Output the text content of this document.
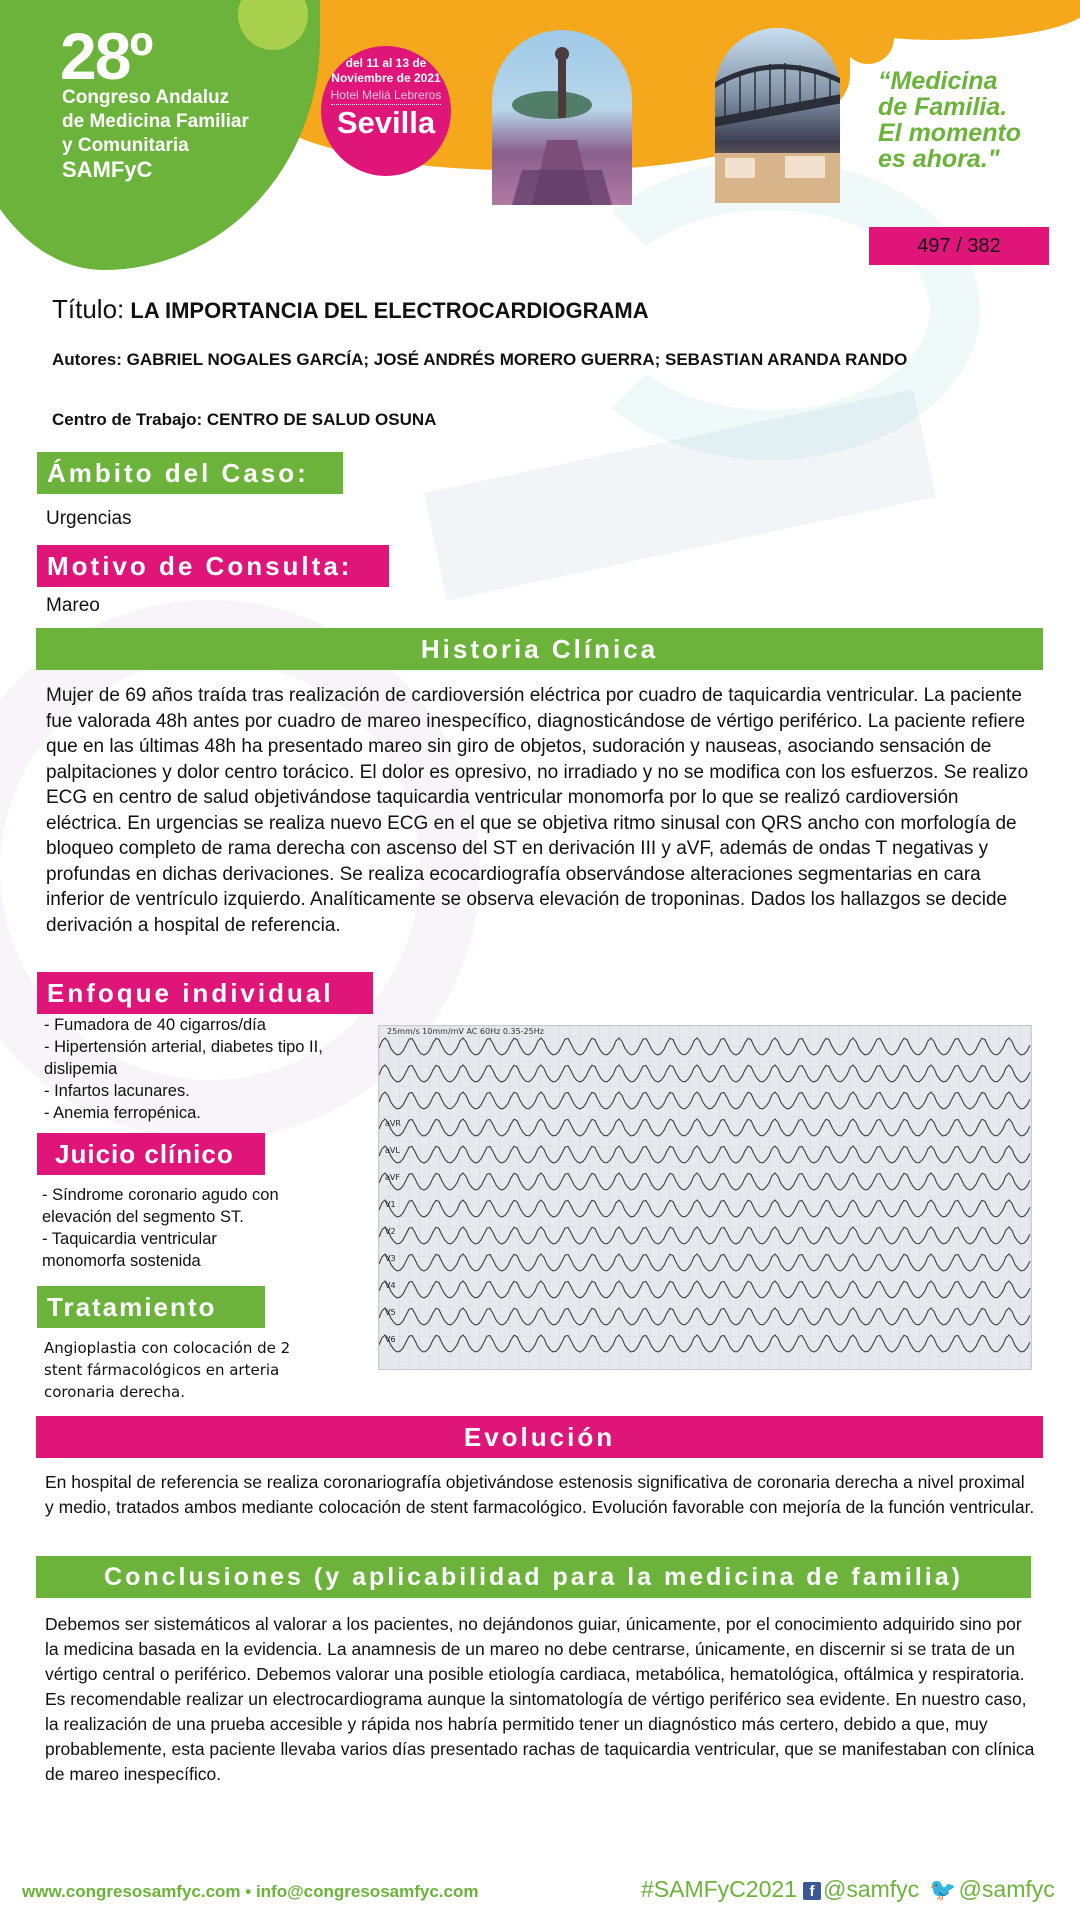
28º
Congreso Andaluz
de Medicina Familiar
y Comunitaria
SAMFyC
del 11 al 13 de
Noviembre de 2021
Hotel Meliá Lebreros
Sevilla
“Medicina
de Familia.
El momento
es ahora."
497 / 382
Título: LA IMPORTANCIA DEL ELECTROCARDIOGRAMA
Autores: GABRIEL NOGALES GARCÍA; JOSÉ ANDRÉS MORERO GUERRA; SEBASTIAN ARANDA RANDO
Centro de Trabajo: CENTRO DE SALUD OSUNA
Ámbito del Caso:
Urgencias
Motivo de Consulta:
Mareo
Historia Clínica
Mujer de 69 años traída tras realización de cardioversión eléctrica por cuadro de taquicardia ventricular. La paciente fue valorada 48h antes por cuadro de mareo inespecífico, diagnosticándose de vértigo periférico. La paciente refiere que en las últimas 48h ha presentado mareo sin giro de objetos, sudoración y nauseas, asociando sensación de palpitaciones y dolor centro torácico. El dolor es opresivo, no irradiado y no se modifica con los esfuerzos. Se realizo ECG en centro de salud objetivándose taquicardia ventricular monomorfa por lo que se realizó cardioversión eléctrica. En urgencias se realiza nuevo ECG en el que se objetiva ritmo sinusal con QRS ancho con morfología de bloqueo completo de rama derecha con ascenso del ST en derivación III y aVF, además de ondas T negativas y profundas en dichas derivaciones. Se realiza ecocardiografía observándose alteraciones segmentarias en cara inferior de ventrículo izquierdo. Analíticamente se observa elevación de troponinas. Dados los hallazgos se decide derivación a hospital de referencia.
Enfoque individual
- Fumadora de 40 cigarros/día
- Hipertensión arterial, diabetes tipo II,
dislipemia
- Infartos lacunares.
- Anemia ferropénica.
Juicio clínico
- Síndrome coronario agudo con
elevación del segmento ST.
- Taquicardia ventricular
monomorfa sostenida
Tratamiento
Angioplastia con colocación de 2
stent fármacológicos en arteria
coronaria derecha.
25mm/s 10mm/mV AC 60Hz 0.35-25Hz
aVR
aVL
aVF
V1
V2
V3
V4
V5
V6
Evolución
En hospital de referencia se realiza coronariografía objetivándose estenosis significativa de coronaria derecha a nivel proximal y medio, tratados ambos mediante colocación de stent farmacológico. Evolución favorable con mejoría de la función ventricular.
Conclusiones (y aplicabilidad para la medicina de familia)
Debemos ser sistemáticos al valorar a los pacientes, no dejándonos guiar, únicamente, por el conocimiento adquirido sino por la medicina basada en la evidencia. La anamnesis de un mareo no debe centrarse, únicamente, en discernir si se trata de un vértigo central o periférico. Debemos valorar una posible etiología cardiaca, metabólica, hematológica, oftálmica y respiratoria. Es recomendable realizar un electrocardiograma aunque la sintomatología de vértigo periférico sea evidente. En nuestro caso, la realización de una prueba accesible y rápida nos habría permitido tener un diagnóstico más certero, debido a que, muy probablemente, esta paciente llevaba varios días presentado rachas de taquicardia ventricular, que se manifestaban con clínica de mareo inespecífico.
www.congresosamfyc.com • info@congresosamfyc.com	#SAMFyC2021 f @samfyc 🐦@samfyc
